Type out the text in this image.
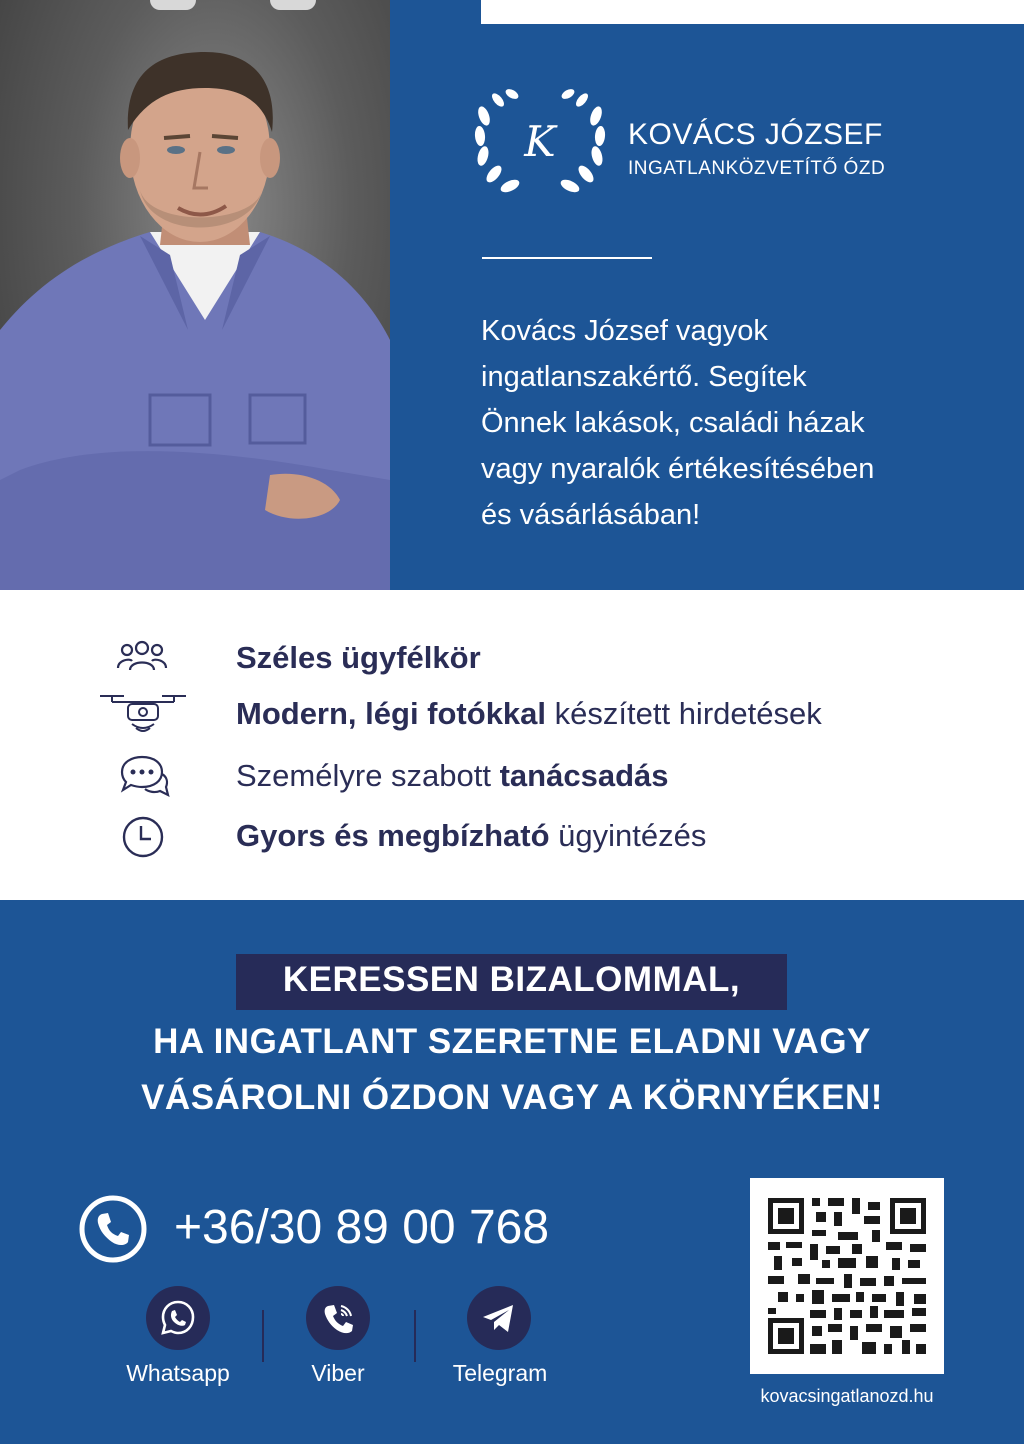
K KOVÁCS JÓZSEF
INGATLANKÖZVETÍTŐ ÓZD
Kovács József vagyok
ingatlanszakértő. Segítek
Önnek lakások, családi házak
vagy nyaralók értékesítésében
és vásárlásában!
Széles ügyfélkör
Modern, légi fotókkal készített hirdetések
Személyre szabott tanácsadás
Gyors és megbízható ügyintézés
KERESSEN BIZALOMMAL,
HA INGATLANT SZERETNE ELADNI VAGY
VÁSÁROLNI ÓZDON VAGY A KÖRNYÉKEN!
+36/30 89 00 768
Whatsapp	Viber	Telegram
kovacsingatlanozd.hu
